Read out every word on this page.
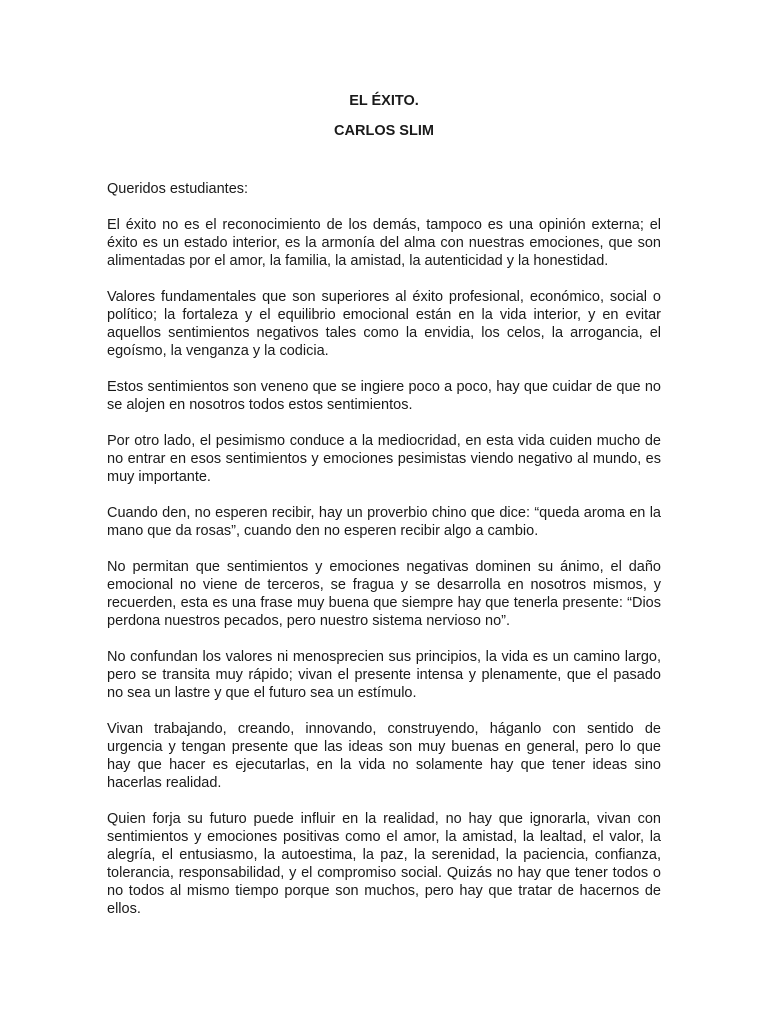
EL ÉXITO.
CARLOS SLIM

Queridos estudiantes:

El éxito no es el reconocimiento de los demás, tampoco es una opinión externa; el éxito es un estado interior, es la armonía del alma con nuestras emociones, que son alimentadas por el amor, la familia, la amistad, la autenticidad y la honestidad.

Valores fundamentales que son superiores al éxito profesional, económico, social o político; la fortaleza y el equilibrio emocional están en la vida interior, y en evitar aquellos sentimientos negativos tales como la envidia, los celos, la arrogancia, el egoísmo, la venganza y la codicia.

Estos sentimientos son veneno que se ingiere poco a poco, hay que cuidar de que no se alojen en nosotros todos estos sentimientos.

Por otro lado, el pesimismo conduce a la mediocridad, en esta vida cuiden mucho de no entrar en esos sentimientos y emociones pesimistas viendo negativo al mundo, es muy importante.

Cuando den, no esperen recibir, hay un proverbio chino que dice: “queda aroma en la mano que da rosas”, cuando den no esperen recibir algo a cambio.

No permitan que sentimientos y emociones negativas dominen su ánimo, el daño emocional no viene de terceros, se fragua y se desarrolla en nosotros mismos, y recuerden, esta es una frase muy buena que siempre hay que tenerla presente: “Dios perdona nuestros pecados, pero nuestro sistema nervioso no”.

No confundan los valores ni menosprecien sus principios, la vida es un camino largo, pero se transita muy rápido; vivan el presente intensa y plenamente, que el pasado no sea un lastre y que el futuro sea un estímulo.

Vivan trabajando, creando, innovando, construyendo, háganlo con sentido de urgencia y tengan presente que las ideas son muy buenas en general, pero lo que hay que hacer es ejecutarlas, en la vida no solamente hay que tener ideas sino hacerlas realidad.

Quien forja su futuro puede influir en la realidad, no hay que ignorarla, vivan con sentimientos y emociones positivas como el amor, la amistad, la lealtad, el valor, la alegría, el entusiasmo, la autoestima, la paz, la serenidad, la paciencia, confianza, tolerancia, responsabilidad, y el compromiso social. Quizás no hay que tener todos o no todos al mismo tiempo porque son muchos, pero hay que tratar de hacernos de ellos.
